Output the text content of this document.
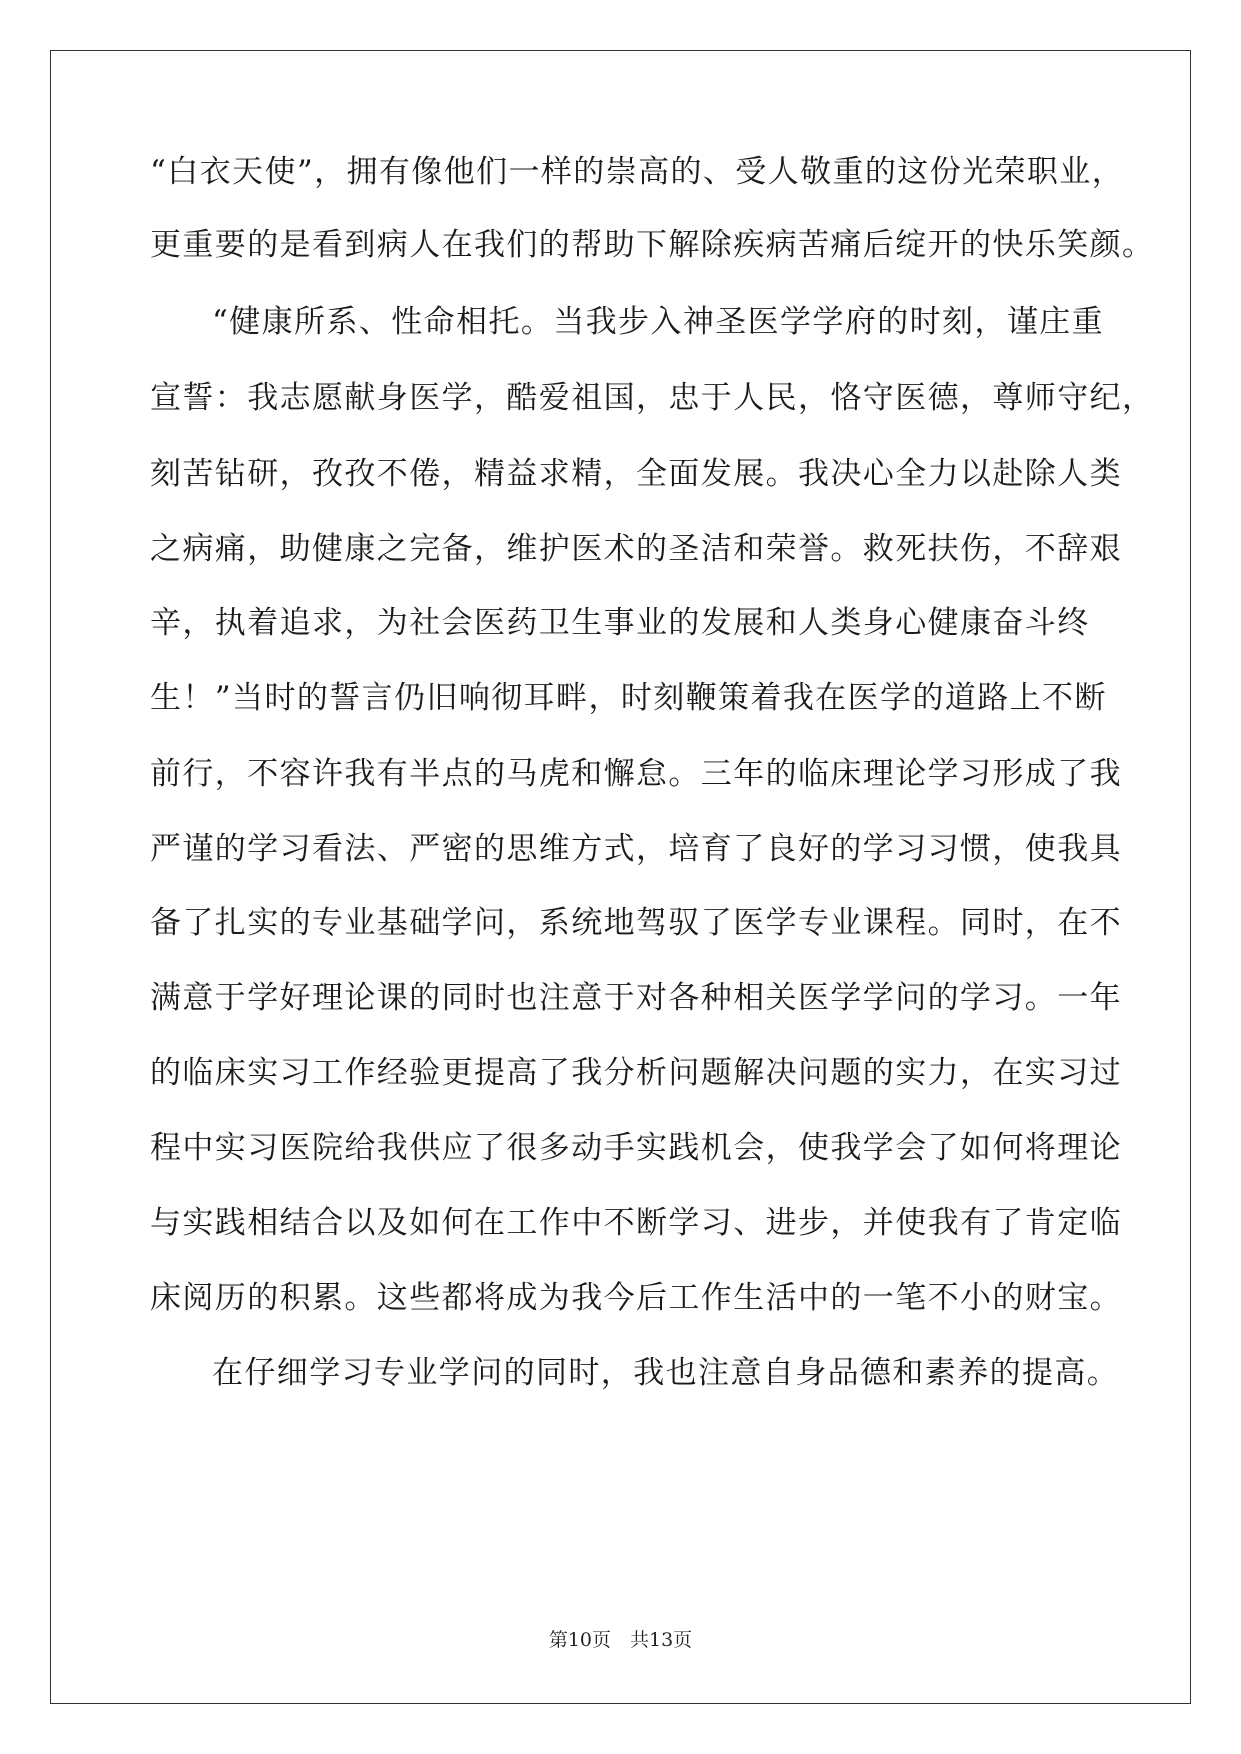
“白衣天使”，拥有像他们一样的崇高的、受人敬重的这份光荣职业，
更重要的是看到病人在我们的帮助下解除疾病苦痛后绽开的快乐笑颜。
“健康所系、性命相托。当我步入神圣医学学府的时刻，谨庄重
宣誓：我志愿献身医学，酷爱祖国，忠于人民，恪守医德，尊师守纪，
刻苦钻研，孜孜不倦，精益求精，全面发展。我决心全力以赴除人类
之病痛，助健康之完备，维护医术的圣洁和荣誉。救死扶伤，不辞艰
辛，执着追求，为社会医药卫生事业的发展和人类身心健康奋斗终
生！”当时的誓言仍旧响彻耳畔，时刻鞭策着我在医学的道路上不断
前行，不容许我有半点的马虎和懈怠。三年的临床理论学习形成了我
严谨的学习看法、严密的思维方式，培育了良好的学习习惯，使我具
备了扎实的专业基础学问，系统地驾驭了医学专业课程。同时，在不
满意于学好理论课的同时也注意于对各种相关医学学问的学习。一年
的临床实习工作经验更提高了我分析问题解决问题的实力，在实习过
程中实习医院给我供应了很多动手实践机会，使我学会了如何将理论
与实践相结合以及如何在工作中不断学习、进步，并使我有了肯定临
床阅历的积累。这些都将成为我今后工作生活中的一笔不小的财宝。
在仔细学习专业学问的同时，我也注意自身品德和素养的提高。
第10页　共13页
